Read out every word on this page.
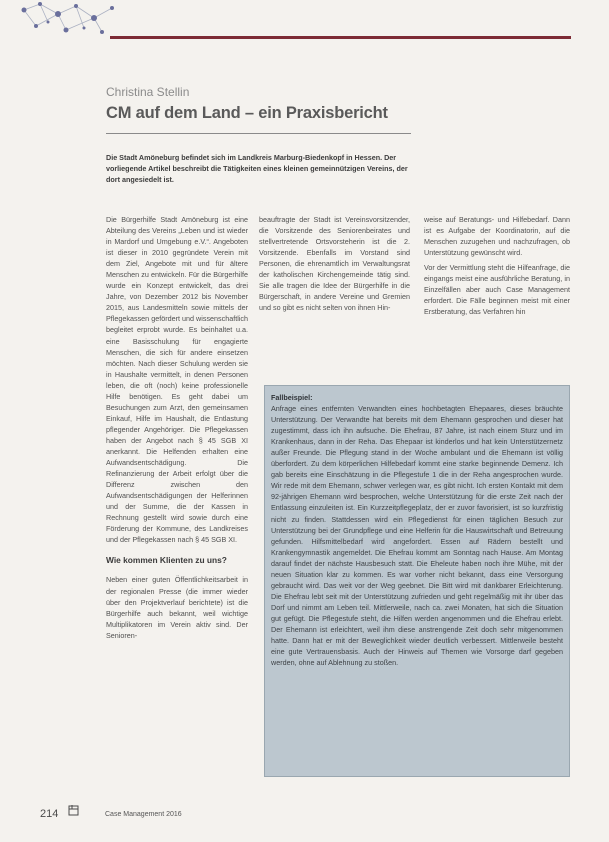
Christina Stellin
CM auf dem Land – ein Praxisbericht
Die Stadt Amöneburg befindet sich im Landkreis Marburg-Biedenkopf in Hessen. Der vorliegende Artikel beschreibt die Tätigkeiten eines kleinen gemeinnützigen Vereins, der dort angesiedelt ist.

Die Bürgerhilfe Stadt Amöneburg ist eine Abteilung des Vereins „Leben und ist wieder in Mardorf und Umgebung e.V.“. Angeboten ist dieser in 2010 gegründete Verein mit dem Ziel, Angebote mit und für ältere Menschen zu entwickeln. Für die Bürgerhilfe wurde ein Konzept entwickelt, das drei Jahre, von Dezember 2012 bis November 2015, aus Landesmitteln sowie mittels der Pflegekassen gefördert und wissenschaftlich begleitet erprobt wurde. Es beinhaltet u.a. eine Basisschulung für engagierte Menschen, die sich für andere einsetzen möchten. Nach dieser Schulung werden sie in Haushalte vermittelt, in denen Personen leben, die oft (noch) keine professionelle Hilfe benötigen. Es geht dabei um Besuchungen zum Arzt, den gemeinsamen Einkauf, Hilfe im Haushalt, die Entlastung pflegender Angehöriger. Die Pflegekassen haben der Angebot nach § 45 SGB XI anerkannt. Die Helfenden erhalten eine Aufwandsentschädigung. Die Refinanzierung der Arbeit erfolgt über die Differenz zwischen den Aufwandsentschädigungen der Helferinnen und der Summe, die der Kassen in Rechnung gestellt wird sowie durch eine Förderung der Kommune, des Landkreises und der Pflegekassen nach § 45 SGB XI.

Wie kommen Klienten zu uns?

Neben einer guten Öffentlichkeitsarbeit in der regionalen Presse (die immer wieder über den Projektverlauf berichtete) ist die Bürgerhilfe auch bekannt, weil wichtige Multiplikatoren im Verein aktiv sind. Der Senioren-

beauftragte der Stadt ist Vereinsvorsitzender, die Vorsitzende des Seniorenbeirates und stellvertretende Ortsvorsteherin ist die 2. Vorsitzende. Ebenfalls im Vorstand sind Personen, die ehrenamtlich im Verwaltungsrat der katholischen Kirchengemeinde tätig sind. Sie alle tragen die Idee der Bürgerhilfe in die Bürgerschaft, in andere Vereine und Gremien und so gibt es nicht selten von ihnen Hin-

weise auf Beratungs- und Hilfebedarf. Dann ist es Aufgabe der Koordinatorin, auf die Menschen zuzugehen und nachzufragen, ob Unterstützung gewünscht wird.

Vor der Vermittlung steht die Hilfeanfrage, die eingangs meist eine ausführliche Beratung, in Einzelfällen aber auch Case Management erfordert. Die Fälle beginnen meist mit einer Erstberatung, das Verfahren hin

Fallbeispiel:
Anfrage eines entfernten Verwandten eines hochbetagten Ehepaares, dieses bräuchte Unterstützung. Der Verwandte hat bereits mit dem Ehemann gesprochen und dieser hat zugestimmt, dass ich ihn aufsuche. Die Ehefrau, 87 Jahre, ist nach einem Sturz und im Krankenhaus, dann in der Reha. Das Ehepaar ist kinderlos und hat kein Unterstützernetz außer Freunde. Die Pflegung stand in der Woche ambulant und die Ehemann ist völlig überfordert. Zu dem körperlichen Hilfebedarf kommt eine starke beginnende Demenz. Ich gab bereits eine Einschätzung in die Pflegestufe 1 die in der Reha angesprochen wurde. Wir rede mit dem Ehemann, schwer verlegen war, es gibt nicht. Ich ersten Kontakt mit dem 92-jährigen Ehemann wird besprochen, welche Unterstützung für die erste Zeit nach der Entlassung einzuleiten ist. Ein Kurzzeitpflegeplatz, der er zuvor favorisiert, ist so kurzfristig nicht zu finden. Stattdessen wird ein Pflegedienst für einen täglichen Besuch zur Unterstützung bei der Grundpflege und eine Helferin für die Hauswirtschaft und Betreuung gefunden. Hilfsmittelbedarf wird angefordert. Essen auf Rädern bestellt und Krankengymnastik angemeldet. Die Ehefrau kommt am Sonntag nach Hause. Am Montag darauf findet der nächste Hausbesuch statt. Die Eheleute haben noch ihre Mühe, mit der neuen Situation klar zu kommen. Es war vorher nicht bekannt, dass eine Versorgung gebraucht wird. Das weit vor der Weg geebnet. Die Bitt wird mit dankbarer Erleichterung. Die Ehefrau lebt seit mit der Unterstützung zufrieden und geht regelmäßig mit ihr über das Dorf und nimmt am Leben teil. Mittlerweile, nach ca. zwei Monaten, hat sich die Situation gut gefügt. Die Pflegestufe steht, die Hilfen werden angenommen und die Ehefrau erlebt. Der Ehemann ist erleichtert, weil ihm diese anstrengende Zeit doch sehr mitgenommen hatte. Dann hat er mit der Beweglichkeit wieder deutlich verbessert. Mittlerweile besteht eine gute Vertrauensbasis. Auch der Hinweis auf Themen wie Vorsorge darf gegeben werden, ohne auf Ablehnung zu stoßen.
214	Case Management 2016
